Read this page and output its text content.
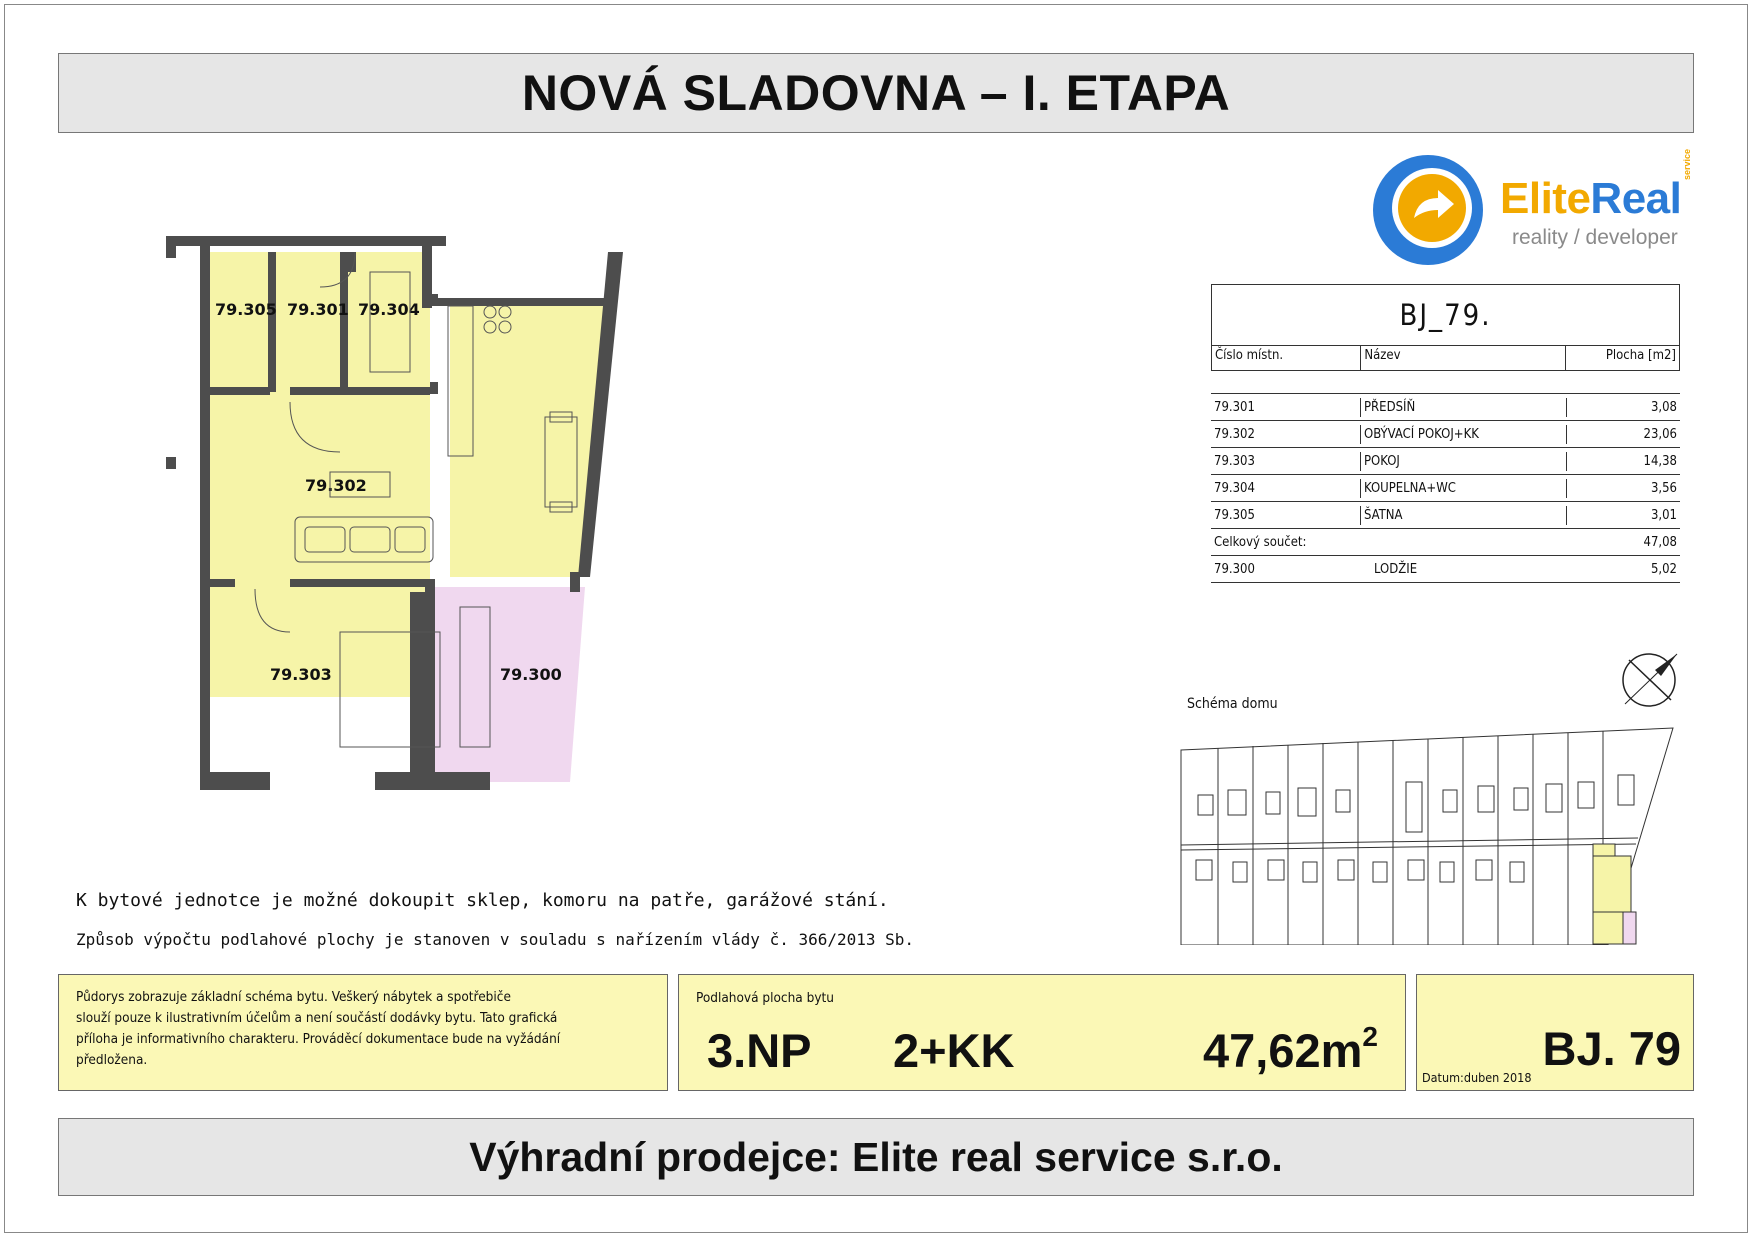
NOVÁ SLADOVNA – I. ETAPA
EliteReal
service
reality / developer
BJ_79.
Číslo místn.	Název	Plocha [m2]
79.301	PŘEDSÍŇ	3,08
79.302	OBÝVACÍ POKOJ+KK	23,06
79.303	POKOJ	14,38
79.304	KOUPELNA+WC	3,56
79.305	ŠATNA	3,01
Celkový součet:	47,08
79.300	LODŽIE	5,02
Schéma domu
79.305 79.301 79.304
79.302
79.303	79.300
K bytové jednotce je možné dokoupit sklep, komoru na patře, garážové stání.
Způsob výpočtu podlahové plochy je stanoven v souladu s nařízením vlády č. 366/2013 Sb.
Půdorys zobrazuje základní schéma bytu. Veškerý nábytek a spotřebiče
slouží pouze k ilustrativním účelům a není součástí dodávky bytu. Tato grafická
příloha je informativního charakteru. Prováděcí dokumentace bude na vyžádání
předložena.
Podlahová plocha bytu
3.NP 2+KK	$47,62m^2$	BJ. 79
Datum:duben 2018
Výhradní prodejce: Elite real service s.r.o.
